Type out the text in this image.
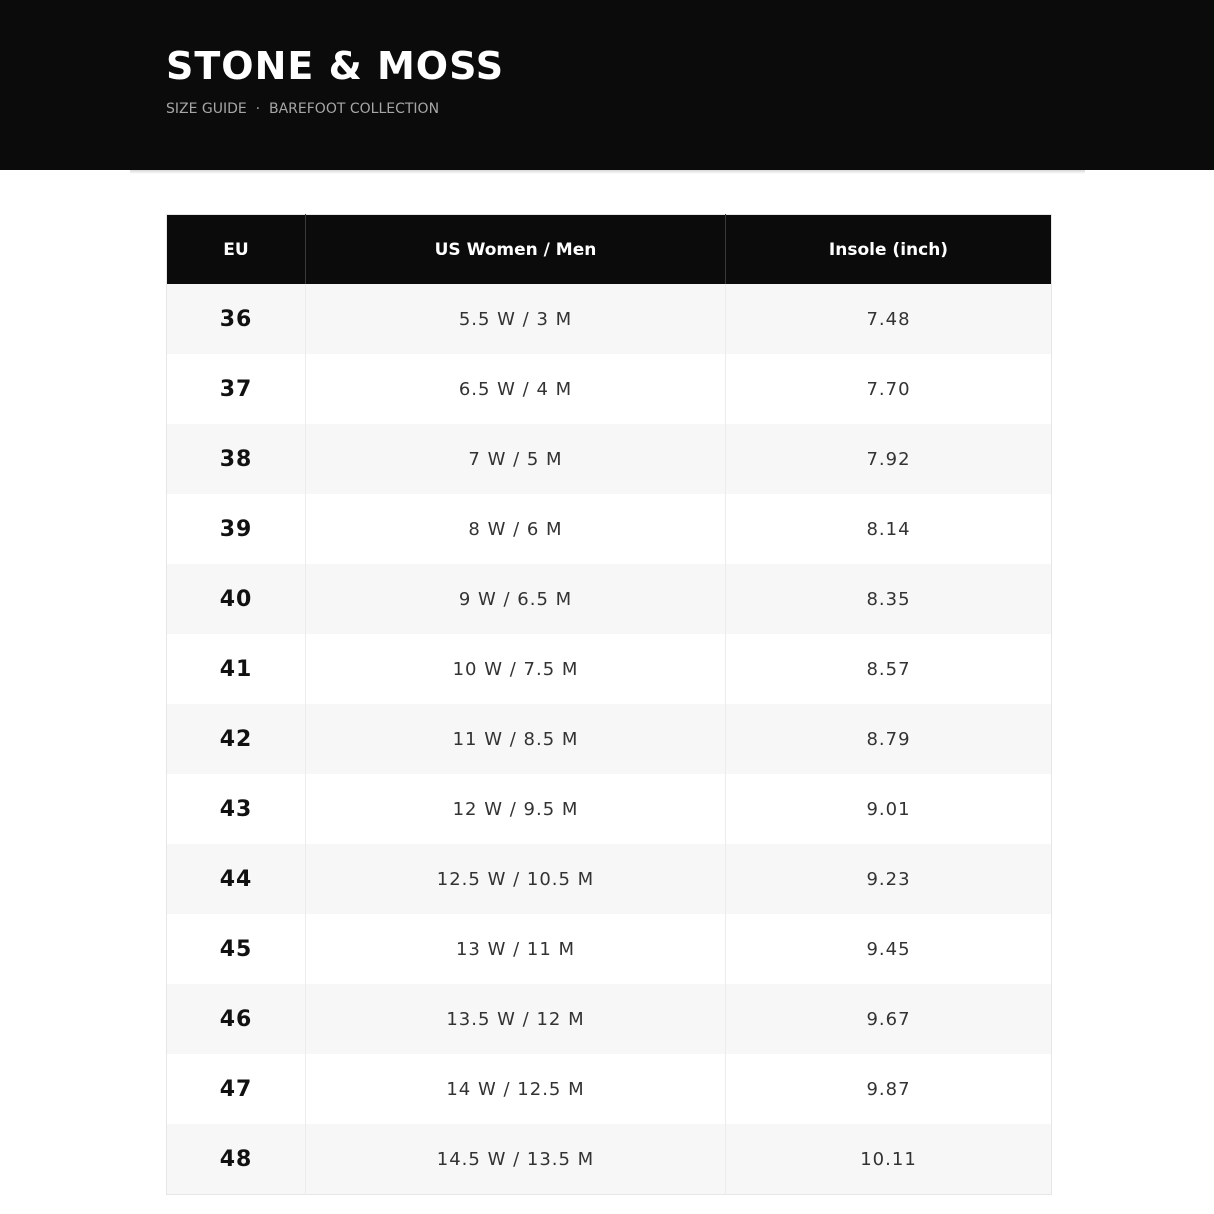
STONE & MOSS
SIZE GUIDE  ·  BAREFOOT COLLECTION
EU	US Women / Men	Insole (inch)
36	5.5 W / 3 M	7.48
37	6.5 W / 4 M	7.70
38	7 W / 5 M	7.92
39	8 W / 6 M	8.14
40	9 W / 6.5 M	8.35
41	10 W / 7.5 M	8.57
42	11 W / 8.5 M	8.79
43	12 W / 9.5 M	9.01
44	12.5 W / 10.5 M	9.23
45	13 W / 11 M	9.45
46	13.5 W / 12 M	9.67
47	14 W / 12.5 M	9.87
48	14.5 W / 13.5 M	10.11
